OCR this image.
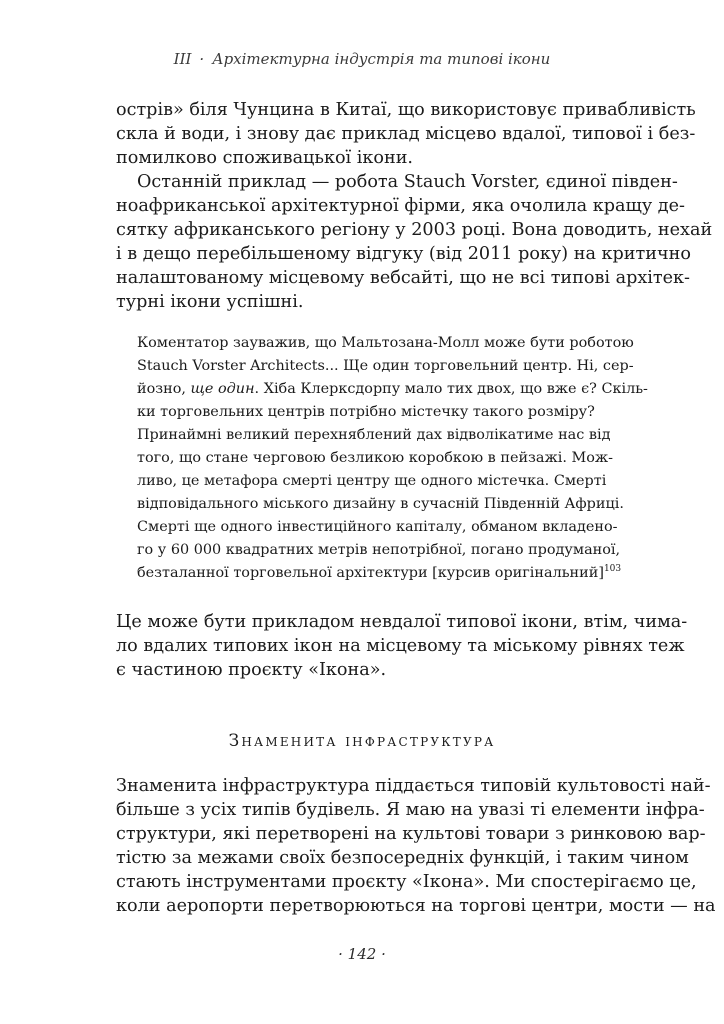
III · Архітектурна індустрія та типові ікони
острів» біля Чунцина в Китаї, що використовує привабливість
скла й води, і знову дає приклад місцево вдалої, типової і без-
помилково споживацької ікони.
Останній приклад — робота Stauch Vorster, єдиної півден-
ноафриканської архітектурної фірми, яка очолила кращу де-
сятку африканського регіону у 2003 році. Вона доводить, нехай
і в дещо перебільшеному відгуку (від 2011 року) на критично
налаштованому місцевому вебсайті, що не всі типові архітек-
турні ікони успішні.
Коментатор зауважив, що Мальтозана-Молл може бути роботою
Stauch Vorster Architects... Ще один торговельний центр. Ні, сер-
йозно, ще один. Хіба Клерксдорпу мало тих двох, що вже є? Скіль-
ки торговельних центрів потрібно містечку такого розміру?
Принаймні великий перехняблений дах відволікатиме нас від
того, що стане черговою безликою коробкою в пейзажі. Мож-
ливо, це метафора смерті центру ще одного містечка. Смерті
відповідального міського дизайну в сучасній Південній Африці.
Смерті ще одного інвестиційного капіталу, обманом вкладено-
го у 60 000 квадратних метрів непотрібної, погано продуманої,
безталанної торговельної архітектури [курсив оригінальний]$^{103}$
Це може бути прикладом невдалої типової ікони, втім, чима-
ло вдалих типових ікон на місцевому та міському рівнях теж
є частиною проєкту «Ікона».
Знаменита інфраструктура
Знаменита інфраструктура піддається типовій культовості най-
більше з усіх типів будівель. Я маю на увазі ті елементи інфра-
структури, які перетворені на культові товари з ринковою вар-
тістю за межами своїх безпосередніх функцій, і таким чином
стають інструментами проєкту «Ікона». Ми спостерігаємо це,
коли аеропорти перетворюються на торгові центри, мости — на
· 142 ·
